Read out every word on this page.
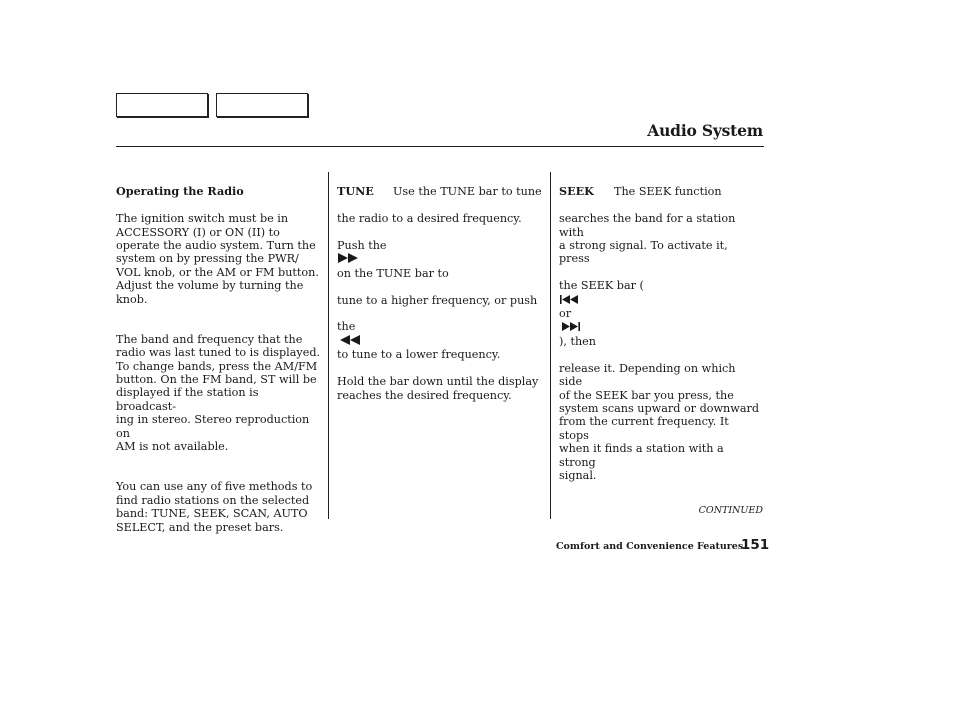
Audio System

Operating the Radio

The ignition switch must be in
ACCESSORY (I) or ON (II) to
operate the audio system. Turn the
system on by pressing the PWR/
VOL knob, or the AM or FM button.
Adjust the volume by turning the
knob.

The band and frequency that the
radio was last tuned to is displayed.
To change bands, press the AM/FM
button. On the FM band, ST will be
displayed if the station is broadcast-
ing in stereo. Stereo reproduction on
AM is not available.

You can use any of five methods to
find radio stations on the selected
band: TUNE, SEEK, SCAN, AUTO
SELECT, and the preset bars.

TUNE Use the TUNE bar to tune

the radio to a desired frequency.

Push the

on the TUNE bar to

tune to a higher frequency, or push

the

to tune to a lower frequency.

Hold the bar down until the display
reaches the desired frequency.

SEEK The SEEK function

searches the band for a station with
a strong signal. To activate it, press

the SEEK bar (

or

), then

release it. Depending on which side
of the SEEK bar you press, the
system scans upward or downward
from the current frequency. It stops
when it finds a station with a strong
signal.

CONTINUED
Comfort and Convenience Features
151
